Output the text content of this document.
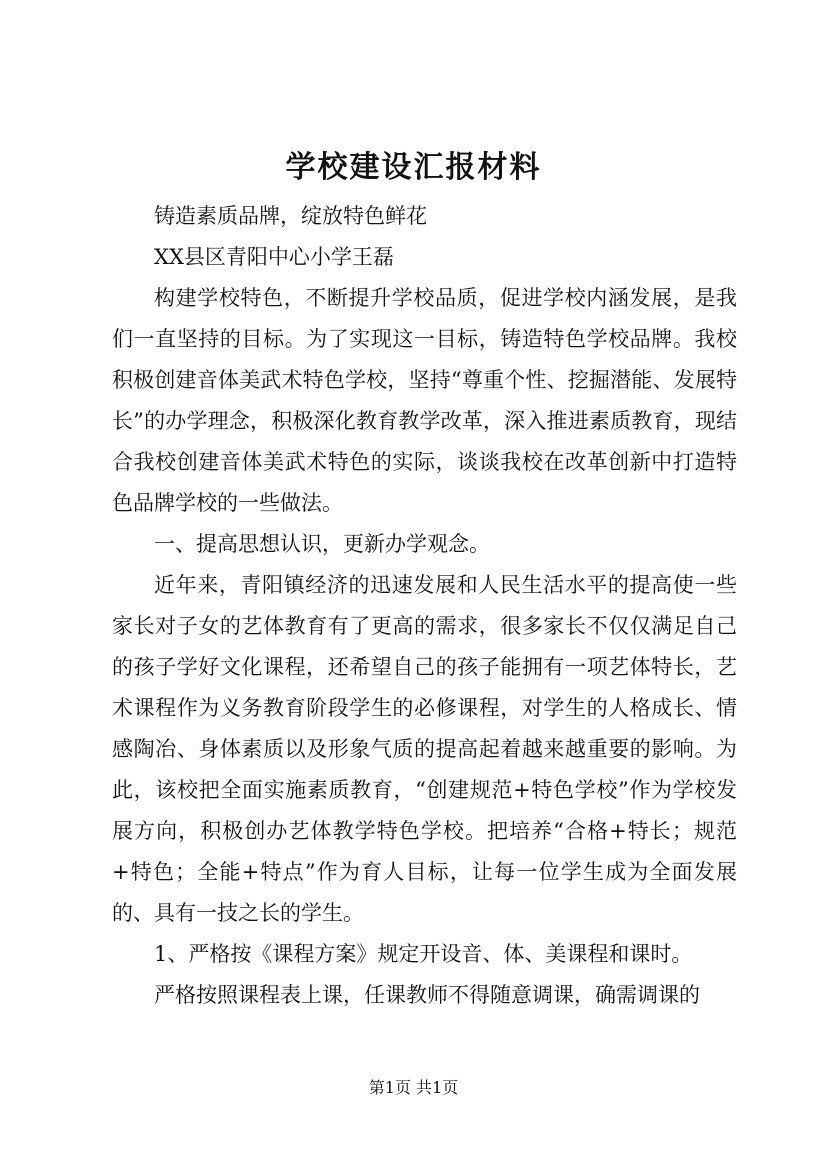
学校建设汇报材料

铸造素质品牌，绽放特色鲜花

XX县区青阳中心小学王磊

构建学校特色，不断提升学校品质，促进学校内涵发展，是我们一直坚持的目标。为了实现这一目标，铸造特色学校品牌。我校积极创建音体美武术特色学校，坚持“尊重个性、挖掘潜能、发展特长”的办学理念，积极深化教育教学改革，深入推进素质教育，现结合我校创建音体美武术特色的实际，谈谈我校在改革创新中打造特色品牌学校的一些做法。

一、提高思想认识，更新办学观念。

近年来，青阳镇经济的迅速发展和人民生活水平的提高使一些家长对子女的艺体教育有了更高的需求，很多家长不仅仅满足自己的孩子学好文化课程，还希望自己的孩子能拥有一项艺体特长，艺术课程作为义务教育阶段学生的必修课程，对学生的人格成长、情感陶冶、身体素质以及形象气质的提高起着越来越重要的影响。为此，该校把全面实施素质教育，“创建规范+特色学校”作为学校发展方向，积极创办艺体教学特色学校。把培养“合格+特长；规范+特色；全能+特点”作为育人目标，让每一位学生成为全面发展的、具有一技之长的学生。

1、严格按《课程方案》规定开设音、体、美课程和课时。

严格按照课程表上课，任课教师不得随意调课，确需调课的

第1页 共1页
